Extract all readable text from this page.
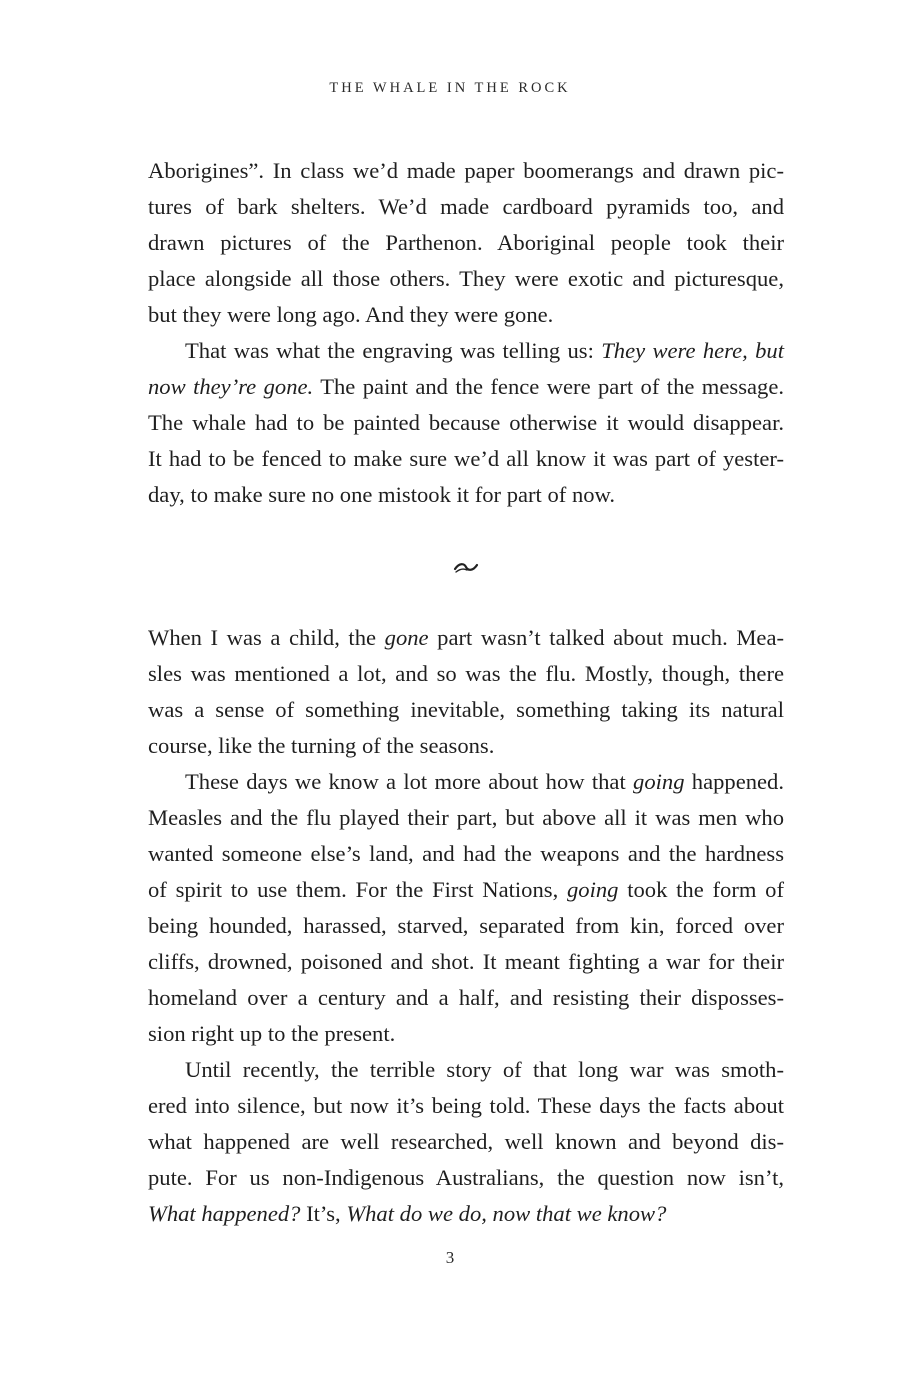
THE WHALE IN THE ROCK
Aborigines”. In class we’d made paper boomerangs and drawn pic-
tures of bark shelters. We’d made cardboard pyramids too, and
drawn pictures of the Parthenon. Aboriginal people took their
place alongside all those others. They were exotic and picturesque,
but they were long ago. And they were gone.
That was what the engraving was telling us: They were here, but
now they’re gone. The paint and the fence were part of the message.
The whale had to be painted because otherwise it would disappear.
It had to be fenced to make sure we’d all know it was part of yester-
day, to make sure no one mistook it for part of now.
When I was a child, the gone part wasn’t talked about much. Mea-
sles was mentioned a lot, and so was the flu. Mostly, though, there
was a sense of something inevitable, something taking its natural
course, like the turning of the seasons.
These days we know a lot more about how that going happened.
Measles and the flu played their part, but above all it was men who
wanted someone else’s land, and had the weapons and the hardness
of spirit to use them. For the First Nations, going took the form of
being hounded, harassed, starved, separated from kin, forced over
cliffs, drowned, poisoned and shot. It meant fighting a war for their
homeland over a century and a half, and resisting their disposses-
sion right up to the present.
Until recently, the terrible story of that long war was smoth-
ered into silence, but now it’s being told. These days the facts about
what happened are well researched, well known and beyond dis-
pute. For us non-Indigenous Australians, the question now isn’t,
What happened? It’s, What do we do, now that we know?
3
